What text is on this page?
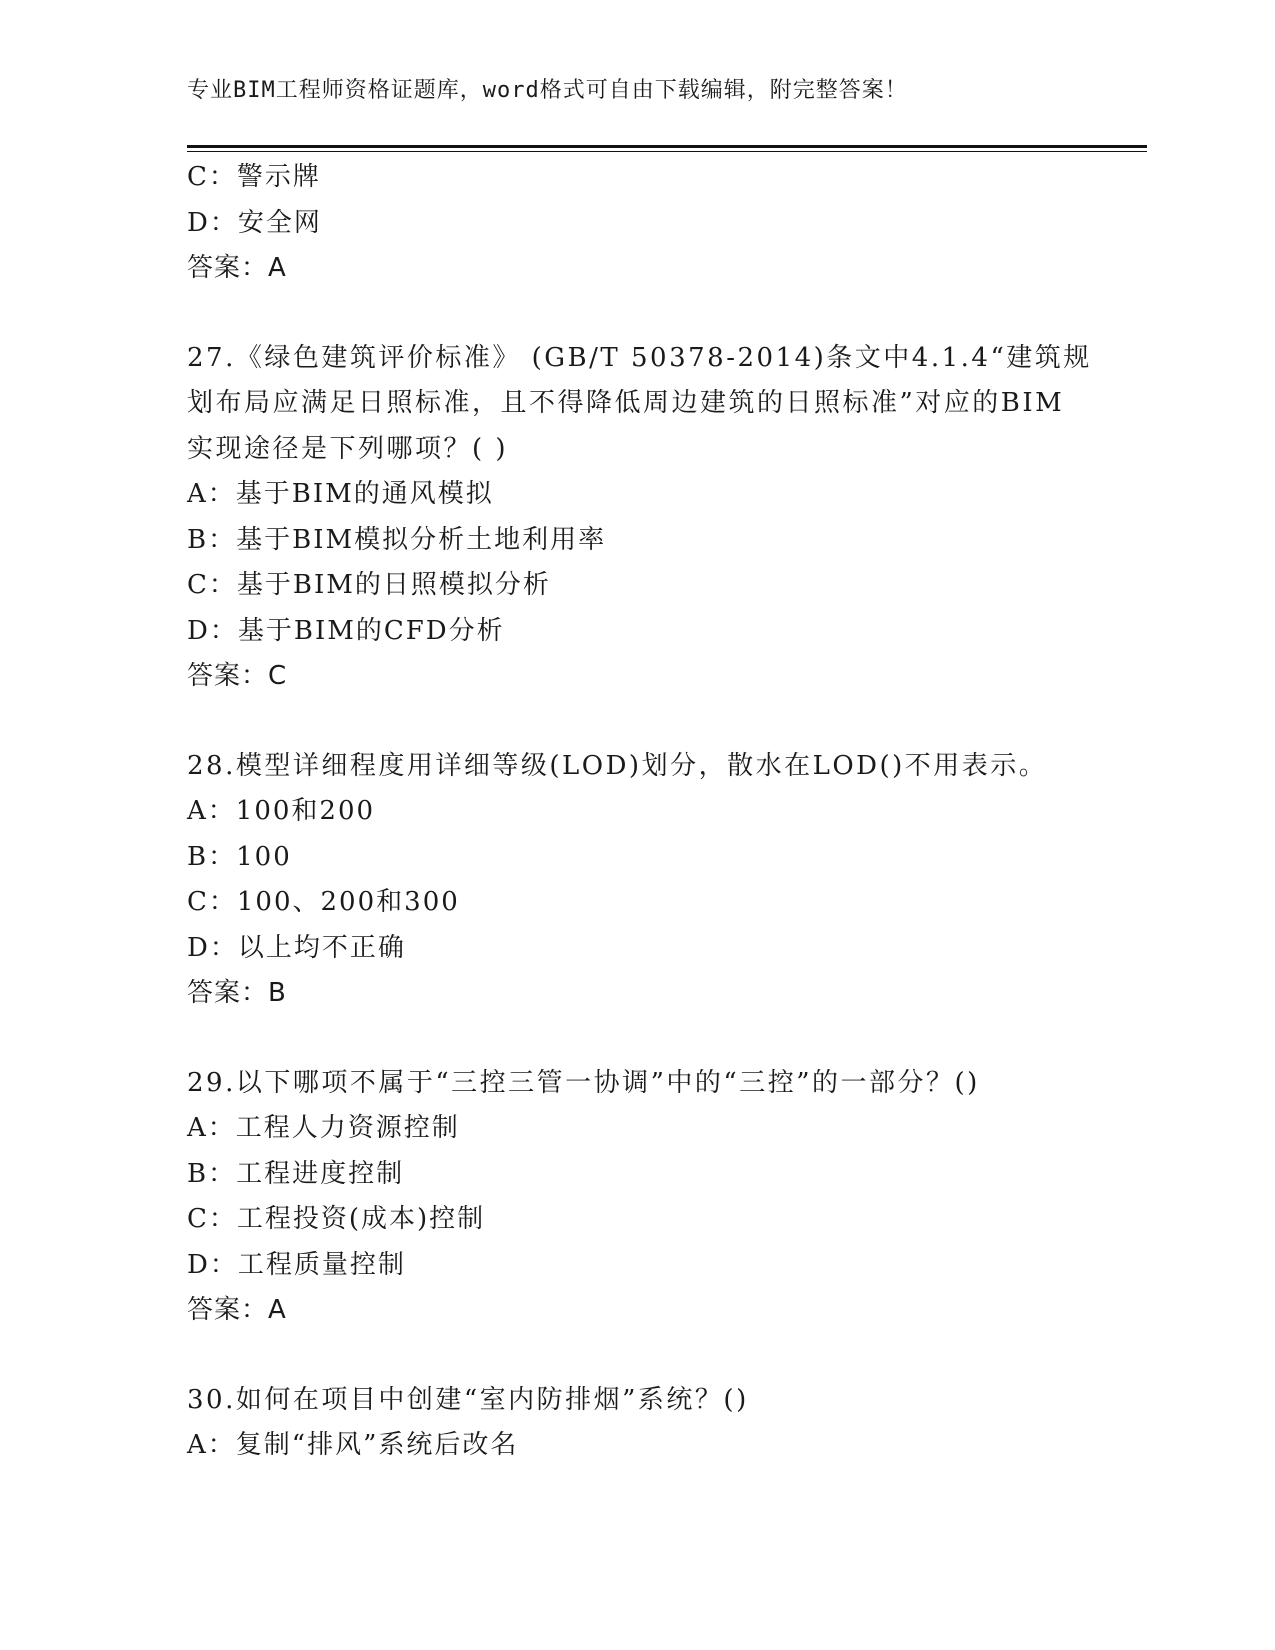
专业BIM工程师资格证题库，word格式可自由下载编辑，附完整答案！
C：警示牌
D：安全网
答案：A
27.《绿色建筑评价标准》 (GB/T 50378-2014)条文中4.1.4“建筑规
划布局应满足日照标准，且不得降低周边建筑的日照标准”对应的BIM
实现途径是下列哪项？( )
A：基于BIM的通风模拟
B：基于BIM模拟分析土地利用率
C：基于BIM的日照模拟分析
D：基于BIM的CFD分析
答案：C
28.模型详细程度用详细等级(LOD)划分，散水在LOD()不用表示。
A：100和200
B：100
C：100、200和300
D：以上均不正确
答案：B
29.以下哪项不属于“三控三管一协调”中的“三控”的一部分？()
A：工程人力资源控制
B：工程进度控制
C：工程投资(成本)控制
D：工程质量控制
答案：A
30.如何在项目中创建“室内防排烟”系统？()
A：复制“排风”系统后改名
